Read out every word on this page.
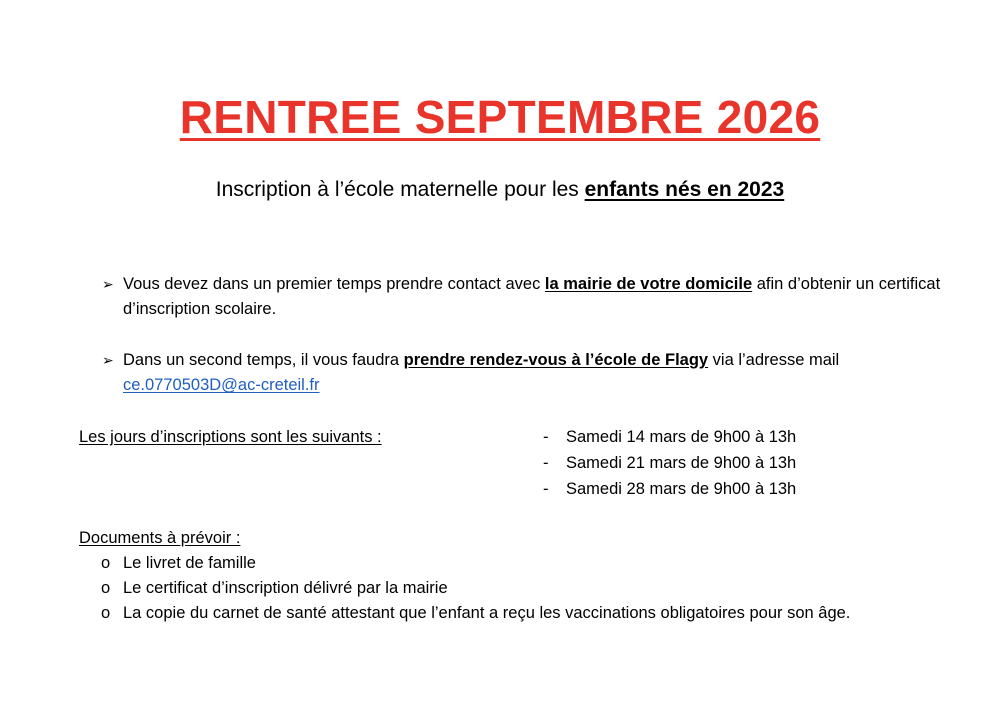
RENTREE SEPTEMBRE 2026

Inscription à l’école maternelle pour les enfants nés en 2023

➢ Vous devez dans un premier temps prendre contact avec la mairie de votre domicile afin d’obtenir un certificat d’inscription scolaire.
➢ Dans un second temps, il vous faudra prendre rendez-vous à l’école de Flagy via l’adresse mail ce.0770503D@ac-creteil.fr
Les jours d’inscriptions sont les suivants :	-	Samedi 14 mars de 9h00 à 13h
-	Samedi 21 mars de 9h00 à 13h
-	Samedi 28 mars de 9h00 à 13h
Documents à prévoir :
o Le livret de famille
o Le certificat d’inscription délivré par la mairie
o La copie du carnet de santé attestant que l’enfant a reçu les vaccinations obligatoires pour son âge.
